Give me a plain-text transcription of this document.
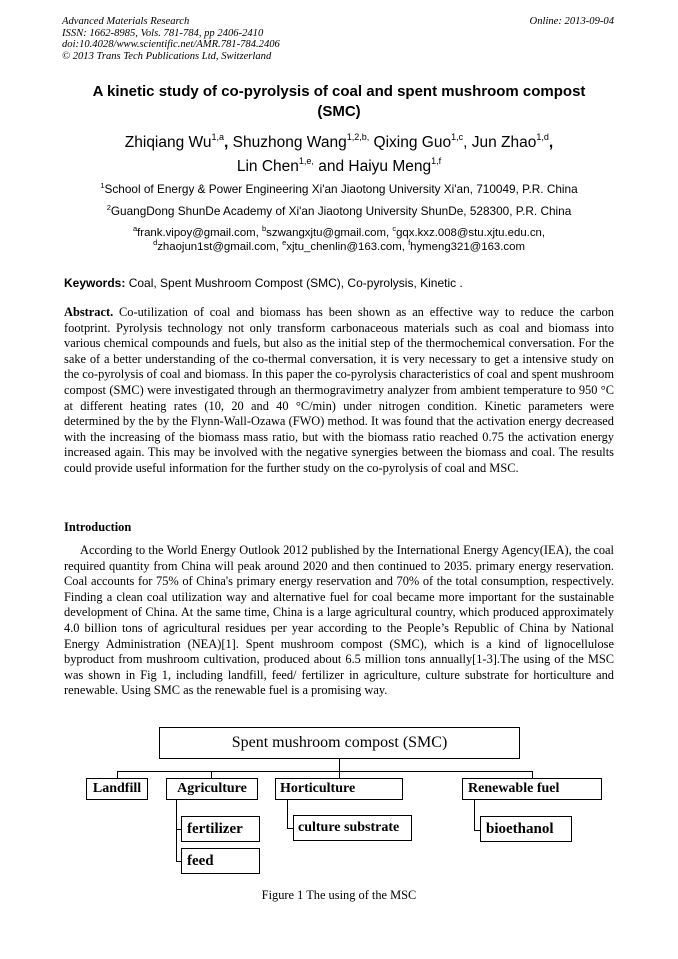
Advanced Materials Research
ISSN: 1662-8985, Vols. 781-784, pp 2406-2410
doi:10.4028/www.scientific.net/AMR.781-784.2406
© 2013 Trans Tech Publications Ltd, Switzerland
Online: 2013-09-04
A kinetic study of co-pyrolysis of coal and spent mushroom compost
(SMC)
Zhiqiang Wu$^{1,a}$, Shuzhong Wang$^{1,2,b,}$ Qixing Guo$^{1,c}$, Jun Zhao$^{1,d}$,
Lin Chen$^{1,e,}$ and Haiyu Meng$^{1,f}$
$^1$School of Energy & Power Engineering Xi'an Jiaotong University Xi'an, 710049, P.R. China
$^2$GuangDong ShunDe Academy of Xi'an Jiaotong University ShunDe, 528300, P.R. China
$^a$frank.vipoy@gmail.com, $^b$szwangxjtu@gmail.com, $^c$gqx.kxz.008@stu.xjtu.edu.cn,
$^d$zhaojun1st@gmail.com, $^e$xjtu_chenlin@163.com, $^f$hymeng321@163.com
Keywords: Coal, Spent Mushroom Compost (SMC), Co-pyrolysis, Kinetic .
Abstract. Co-utilization of coal and biomass has been shown as an effective way to reduce the carbon footprint. Pyrolysis technology not only transform carbonaceous materials such as coal and biomass into various chemical compounds and fuels, but also as the initial step of the thermochemical conversation. For the sake of a better understanding of the co-thermal conversation, it is very necessary to get a intensive study on the co-pyrolysis of coal and biomass. In this paper the co-pyrolysis characteristics of coal and spent mushroom compost (SMC) were investigated through an thermogravimetry analyzer from ambient temperature to 950 °C at different heating rates (10, 20 and 40 °C/min) under nitrogen condition. Kinetic parameters were determined by the by the Flynn-Wall-Ozawa (FWO) method. It was found that the activation energy decreased with the increasing of the biomass mass ratio, but with the biomass ratio reached 0.75 the activation energy increased again. This may be involved with the negative synergies between the biomass and coal. The results could provide useful information for the further study on the co-pyrolysis of coal and MSC.
Introduction
According to the World Energy Outlook 2012 published by the International Energy Agency(IEA), the coal required quantity from China will peak around 2020 and then continued to 2035. primary energy reservation. Coal accounts for 75% of China's primary energy reservation and 70% of the total consumption, respectively. Finding a clean coal utilization way and alternative fuel for coal became more important for the sustainable development of China. At the same time, China is a large agricultural country, which produced approximately 4.0 billion tons of agricultural residues per year according to the People’s Republic of China by National Energy Administration (NEA)[1]. Spent mushroom compost (SMC), which is a kind of lignocellulose byproduct from mushroom cultivation, produced about 6.5 million tons annually[1-3].The using of the MSC was shown in Fig 1, including landfill, feed/ fertilizer in agriculture, culture substrate for horticulture and renewable. Using SMC as the renewable fuel is a promising way.
Spent mushroom compost (SMC)
Landfill	Agriculture	Horticulture	Renewable fuel
fertilizer
feed
culture substrate	bioethanol
Figure 1 The using of the MSC
